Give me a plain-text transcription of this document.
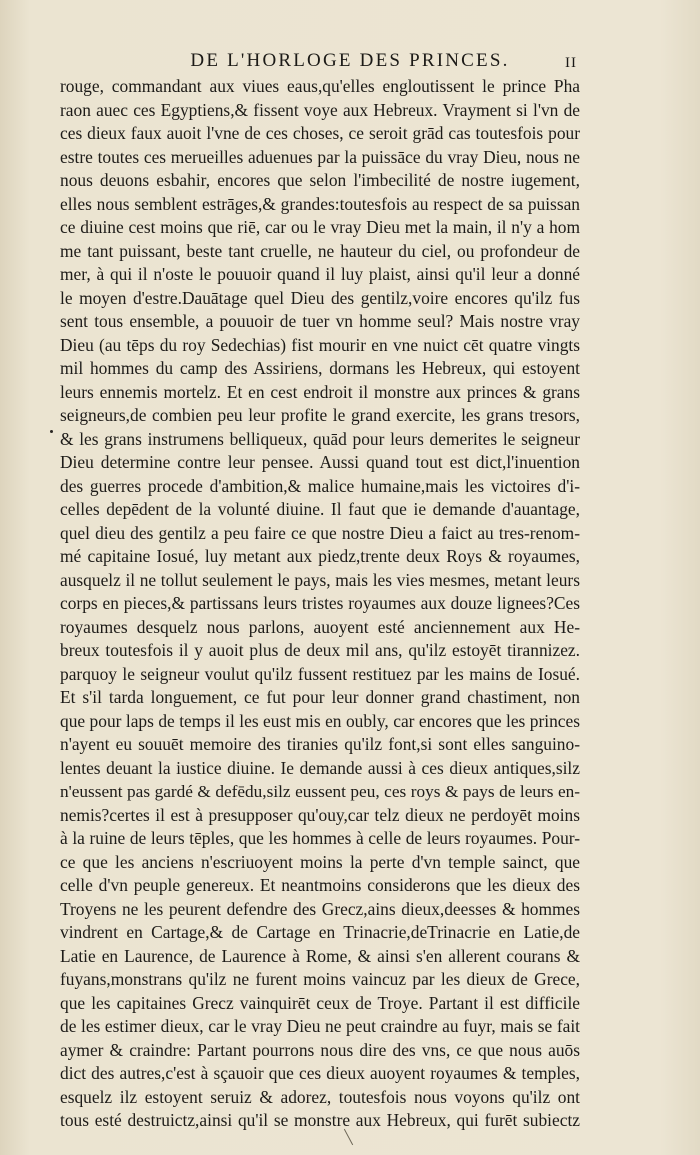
DE L'HORLOGE DES PRINCES.	II
rouge, commandant aux viues eaus,qu'elles engloutissent le prince Pha
raon auec ces Egyptiens,& fissent voye aux Hebreux. Vrayment si l'vn de
ces dieux faux auoit l'vne de ces choses, ce seroit grād cas toutesfois pour
estre toutes ces merueilles aduenues par la puissāce du vray Dieu, nous ne
nous deuons esbahir, encores que selon l'imbecilité de nostre iugement,
elles nous semblent estrāges,& grandes:toutesfois au respect de sa puissan
ce diuine cest moins que riē, car ou le vray Dieu met la main, il n'y a hom
me tant puissant, beste tant cruelle, ne hauteur du ciel, ou profondeur de
mer, à qui il n'oste le pouuoir quand il luy plaist, ainsi qu'il leur a donné
le moyen d'estre.Dauātage quel Dieu des gentilz,voire encores qu'ilz fus
sent tous ensemble, a pouuoir de tuer vn homme seul? Mais nostre vray
Dieu (au tēps du roy Sedechias) fist mourir en vne nuict cēt quatre vingts
mil hommes du camp des Assiriens, dormans les Hebreux, qui estoyent
leurs ennemis mortelz. Et en cest endroit il monstre aux princes & grans
seigneurs,de combien peu leur profite le grand exercite, les grans tresors,
& les grans instrumens belliqueux, quād pour leurs demerites le seigneur
Dieu determine contre leur pensee. Aussi quand tout est dict,l'inuention
des guerres procede d'ambition,& malice humaine,mais les victoires d'i-
celles depēdent de la volunté diuine. Il faut que ie demande d'auantage,
quel dieu des gentilz a peu faire ce que nostre Dieu a faict au tres-renom-
mé capitaine Iosué, luy metant aux piedz,trente deux Roys & royaumes,
ausquelz il ne tollut seulement le pays, mais les vies mesmes, metant leurs
corps en pieces,& partissans leurs tristes royaumes aux douze lignees?Ces
royaumes desquelz nous parlons, auoyent esté anciennement aux He-
breux toutesfois il y auoit plus de deux mil ans, qu'ilz estoyēt tirannizez.
parquoy le seigneur voulut qu'ilz fussent restituez par les mains de Iosué.
Et s'il tarda longuement, ce fut pour leur donner grand chastiment, non
que pour laps de temps il les eust mis en oubly, car encores que les princes
n'ayent eu souuēt memoire des tiranies qu'ilz font,si sont elles sanguino-
lentes deuant la iustice diuine. Ie demande aussi à ces dieux antiques,silz
n'eussent pas gardé & defēdu,silz eussent peu, ces roys & pays de leurs en-
nemis?certes il est à presupposer qu'ouy,car telz dieux ne perdoyēt moins
à la ruine de leurs tēples, que les hommes à celle de leurs royaumes. Pour-
ce que les anciens n'escriuoyent moins la perte d'vn temple sainct, que
celle d'vn peuple genereux. Et neantmoins considerons que les dieux des
Troyens ne les peurent defendre des Grecz,ains dieux,deesses & hommes
vindrent en Cartage,& de Cartage en Trinacrie,deTrinacrie en Latie,de
Latie en Laurence, de Laurence à Rome, & ainsi s'en allerent courans &
fuyans,monstrans qu'ilz ne furent moins vaincuz par les dieux de Grece,
que les capitaines Grecz vainquirēt ceux de Troye. Partant il est difficile
de les estimer dieux, car le vray Dieu ne peut craindre au fuyr, mais se fait
aymer & craindre: Partant pourrons nous dire des vns, ce que nous auōs
dict des autres,c'est à sçauoir que ces dieux auoyent royaumes & temples,
esquelz ilz estoyent seruiz & adorez, toutesfois nous voyons qu'ilz ont
tous esté destruictz,ainsi qu'il se monstre aux Hebreux, qui furēt subiectz
